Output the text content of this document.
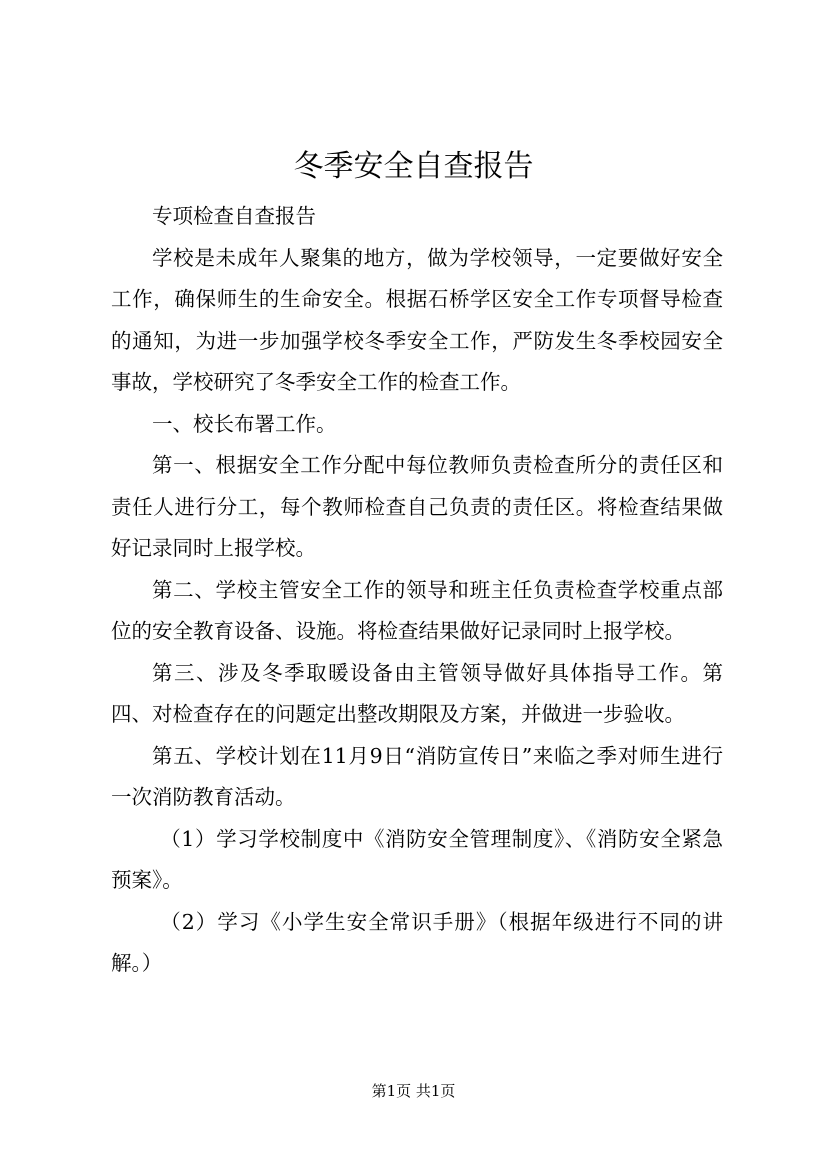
冬季安全自查报告

专项检查自查报告

学校是未成年人聚集的地方，做为学校领导，一定要做好安全工作，确保师生的生命安全。根据石桥学区安全工作专项督导检查的通知，为进一步加强学校冬季安全工作，严防发生冬季校园安全事故，学校研究了冬季安全工作的检查工作。

一、校长布署工作。

第一、根据安全工作分配中每位教师负责检查所分的责任区和责任人进行分工，每个教师检查自己负责的责任区。将检查结果做好记录同时上报学校。

第二、学校主管安全工作的领导和班主任负责检查学校重点部位的安全教育设备、设施。将检查结果做好记录同时上报学校。

第三、涉及冬季取暖设备由主管领导做好具体指导工作。第四、对检查存在的问题定出整改期限及方案，并做进一步验收。

第五、学校计划在11月9日“消防宣传日”来临之季对师生进行一次消防教育活动。

（1）学习学校制度中《消防安全管理制度》、《消防安全紧急预案》。

（2）学习《小学生安全常识手册》（根据年级进行不同的讲解。）

第1页 共1页
